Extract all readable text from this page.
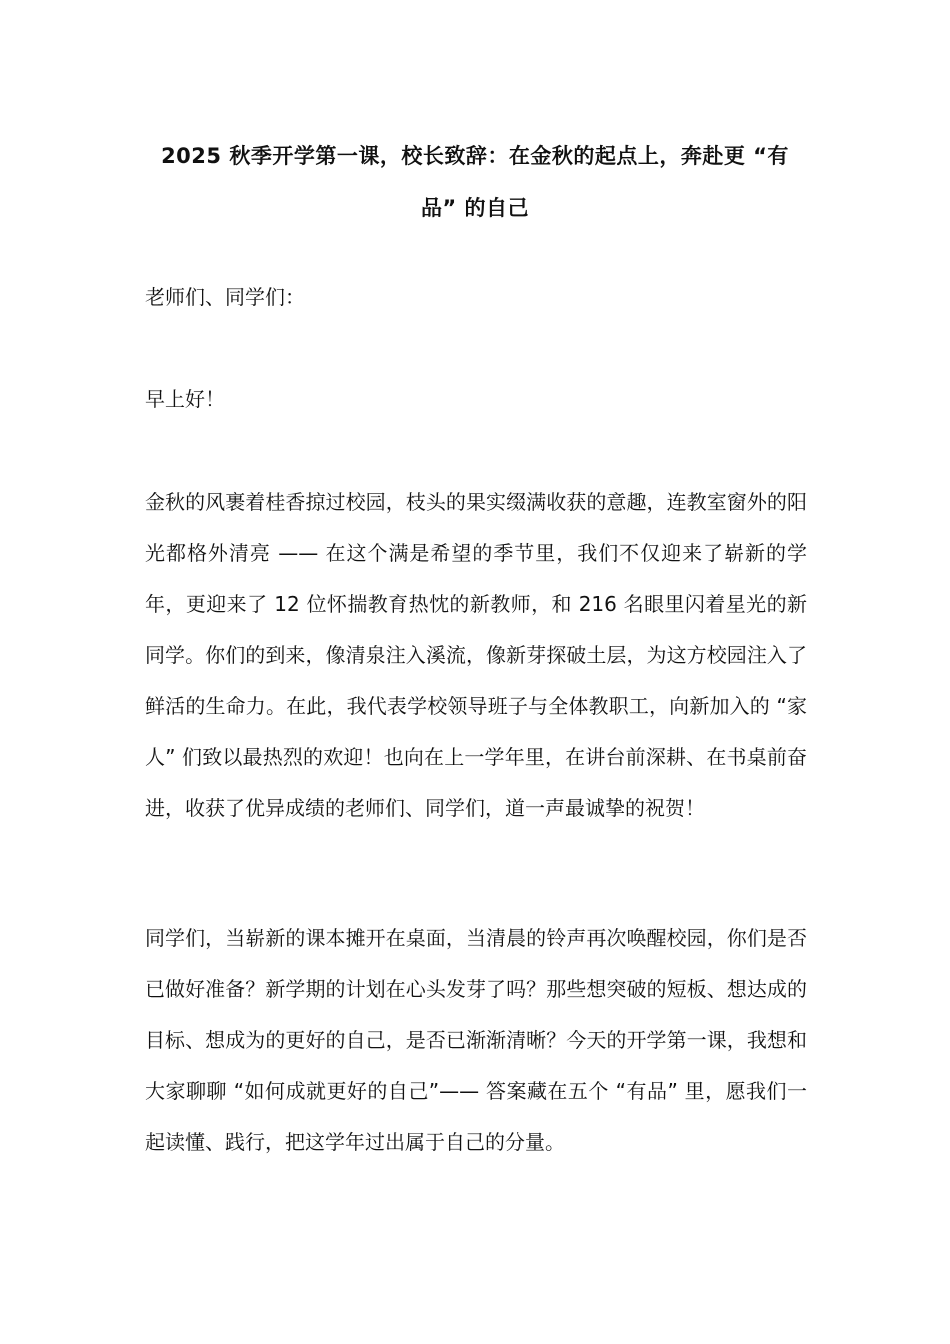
2025 秋季开学第一课，校长致辞：在金秋的起点上，奔赴更 “有品” 的自己

老师们、同学们：

早上好！

金秋的风裹着桂香掠过校园，枝头的果实缀满收获的意趣，连教室窗外的阳光都格外清亮 —— 在这个满是希望的季节里，我们不仅迎来了崭新的学年，更迎来了 12 位怀揣教育热忱的新教师，和 216 名眼里闪着星光的新同学。你们的到来，像清泉注入溪流，像新芽探破土层，为这方校园注入了鲜活的生命力。在此，我代表学校领导班子与全体教职工，向新加入的 “家人” 们致以最热烈的欢迎！也向在上一学年里，在讲台前深耕、在书桌前奋进，收获了优异成绩的老师们、同学们，道一声最诚挚的祝贺！

同学们，当崭新的课本摊开在桌面，当清晨的铃声再次唤醒校园，你们是否已做好准备？新学期的计划在心头发芽了吗？那些想突破的短板、想达成的目标、想成为的更好的自己，是否已渐渐清晰？今天的开学第一课，我想和大家聊聊 “如何成就更好的自己”—— 答案藏在五个 “有品” 里，愿我们一起读懂、践行，把这学年过出属于自己的分量。
